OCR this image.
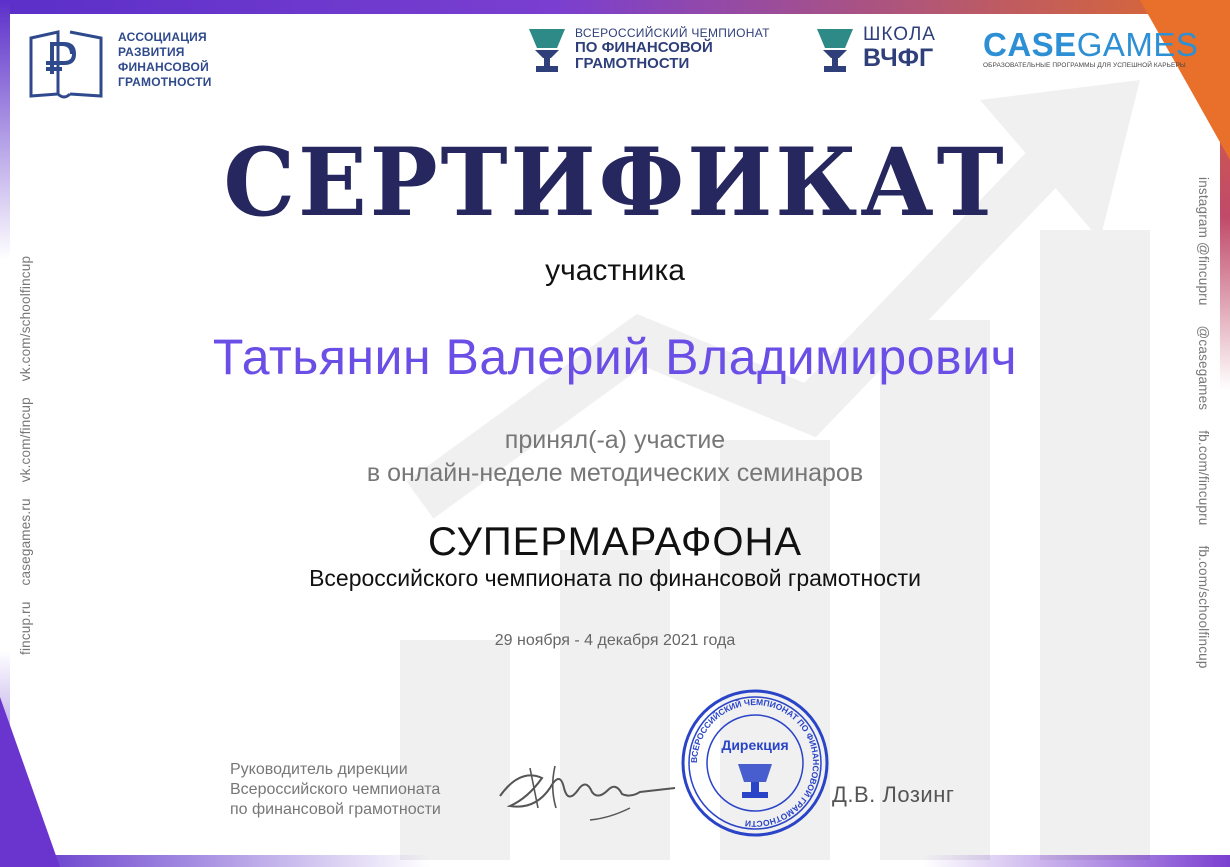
АССОЦИАЦИЯ
РАЗВИТИЯ
ФИНАНСОВОЙ
ГРАМОТНОСТИ
ВСЕРОССИЙСКИЙ ЧЕМПИОНАТ
ПО ФИНАНСОВОЙ
ГРАМОТНОСТИ
ШКОЛА
ВЧФГ CASEGAMES
ОБРАЗОВАТЕЛЬНЫЕ ПРОГРАММЫ ДЛЯ УСПЕШНОЙ КАРЬЕРЫ
СЕРТИФИКАТ
участника
Татьянин Валерий Владимирович
принял(-а) участие
в онлайн-неделе методических семинаров
СУПЕРМАРАФОНА
Всероссийского чемпионата по финансовой грамотности
29 ноября - 4 декабря 2021 года
Руководитель дирекции
Всероссийского чемпионата
по финансовой грамотности
ВСЕРОССИЙСКИЙ ЧЕМПИОНАТ ПО ФИНАНСОВОЙ ГРАМОТНОСТИ
Дирекция
Д.В. Лозинг
fincup.ru casegames.ru vk.com/fincup vk.com/schoolfincup
instagram @fincupru @casegames fb.com/fincupru fb.com/schoolfincup
